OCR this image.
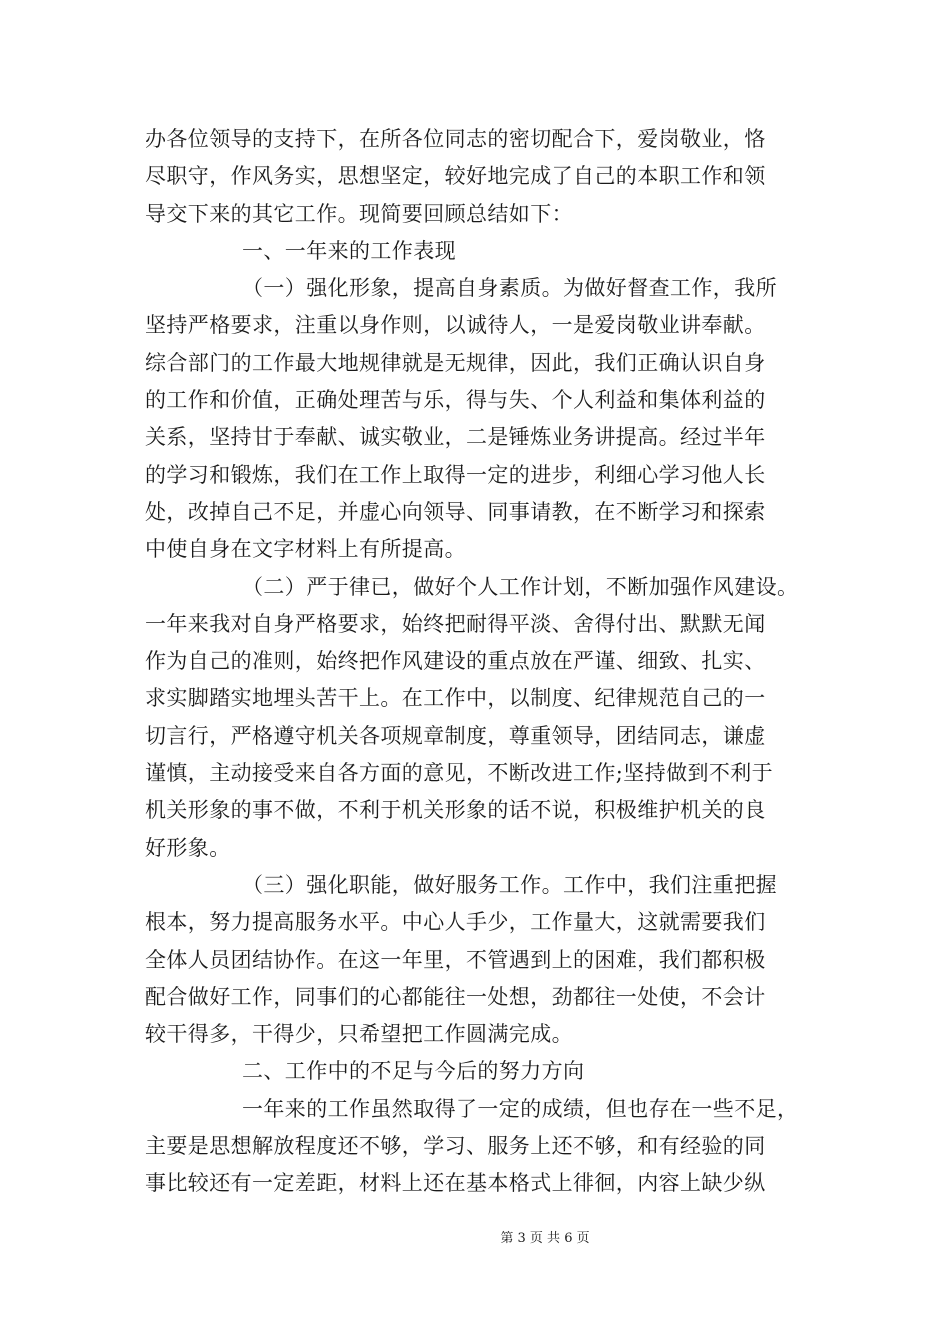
办各位领导的支持下，在所各位同志的密切配合下，爱岗敬业，恪
尽职守，作风务实，思想坚定，较好地完成了自己的本职工作和领
导交下来的其它工作。现简要回顾总结如下：
一、一年来的工作表现
（一）强化形象，提高自身素质。为做好督查工作，我所
坚持严格要求，注重以身作则，以诚待人，一是爱岗敬业讲奉献。
综合部门的工作最大地规律就是无规律，因此，我们正确认识自身
的工作和价值，正确处理苦与乐，得与失、个人利益和集体利益的
关系，坚持甘于奉献、诚实敬业，二是锤炼业务讲提高。经过半年
的学习和锻炼，我们在工作上取得一定的进步，利细心学习他人长
处，改掉自己不足，并虚心向领导、同事请教，在不断学习和探索
中使自身在文字材料上有所提高。
（二）严于律已，做好个人工作计划，不断加强作风建设。
一年来我对自身严格要求，始终把耐得平淡、舍得付出、默默无闻
作为自己的准则，始终把作风建设的重点放在严谨、细致、扎实、
求实脚踏实地埋头苦干上。在工作中，以制度、纪律规范自己的一
切言行，严格遵守机关各项规章制度，尊重领导，团结同志，谦虚
谨慎，主动接受来自各方面的意见，不断改进工作;坚持做到不利于
机关形象的事不做，不利于机关形象的话不说，积极维护机关的良
好形象。
（三）强化职能，做好服务工作。工作中，我们注重把握
根本，努力提高服务水平。中心人手少，工作量大，这就需要我们
全体人员团结协作。在这一年里，不管遇到上的困难，我们都积极
配合做好工作，同事们的心都能往一处想，劲都往一处使，不会计
较干得多，干得少，只希望把工作圆满完成。
二、工作中的不足与今后的努力方向
一年来的工作虽然取得了一定的成绩，但也存在一些不足，
主要是思想解放程度还不够，学习、服务上还不够，和有经验的同
事比较还有一定差距，材料上还在基本格式上徘徊，内容上缺少纵
第 3 页 共 6 页
